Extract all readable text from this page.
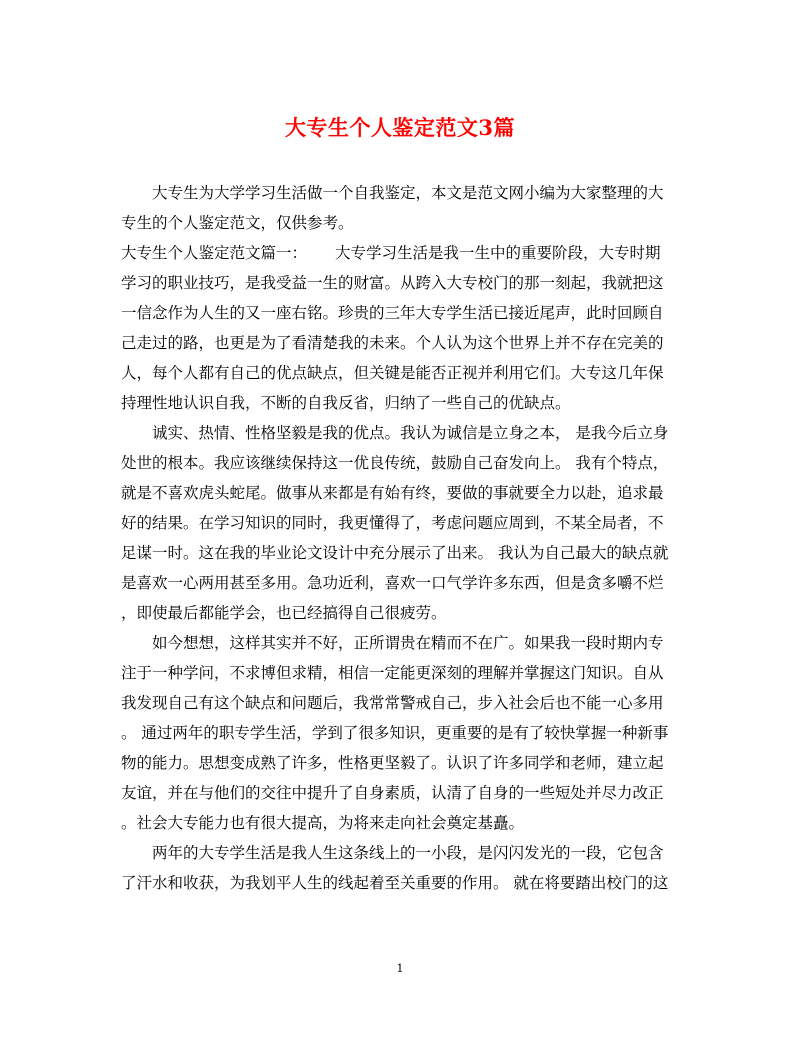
大专生个人鉴定范文3篇
大专生为大学学习生活做一个自我鉴定，本文是范文网小编为大家整理的大
专生的个人鉴定范文，仅供参考。
大专生个人鉴定范文篇一： 大专学习生活是我一生中的重要阶段，大专时期
学习的职业技巧，是我受益一生的财富。从跨入大专校门的那一刻起，我就把这
一信念作为人生的又一座右铭。珍贵的三年大专学生活已接近尾声，此时回顾自
己走过的路，也更是为了看清楚我的未来。个人认为这个世界上并不存在完美的
人，每个人都有自己的优点缺点，但关键是能否正视并利用它们。大专这几年保
持理性地认识自我，不断的自我反省，归纳了一些自己的优缺点。
诚实、热情、性格坚毅是我的优点。我认为诚信是立身之本， 是我今后立身
处世的根本。我应该继续保持这一优良传统，鼓励自己奋发向上。 我有个特点，
就是不喜欢虎头蛇尾。做事从来都是有始有终，要做的事就要全力以赴，追求最
好的结果。在学习知识的同时，我更懂得了，考虑问题应周到，不某全局者，不
足谋一时。这在我的毕业论文设计中充分展示了出来。 我认为自己最大的缺点就
是喜欢一心两用甚至多用。急功近利，喜欢一口气学许多东西，但是贪多嚼不烂
，即使最后都能学会，也已经搞得自己很疲劳。
如今想想，这样其实并不好，正所谓贵在精而不在广。如果我一段时期内专
注于一种学问，不求博但求精，相信一定能更深刻的理解并掌握这门知识。自从
我发现自己有这个缺点和问题后，我常常警戒自己，步入社会后也不能一心多用
。 通过两年的职专学生活，学到了很多知识，更重要的是有了较快掌握一种新事
物的能力。思想变成熟了许多，性格更坚毅了。认识了许多同学和老师，建立起
友谊，并在与他们的交往中提升了自身素质，认清了自身的一些短处并尽力改正
。社会大专能力也有很大提高，为将来走向社会奠定基矗。
两年的大专学生活是我人生这条线上的一小段，是闪闪发光的一段，它包含
了汗水和收获，为我划平人生的线起着至关重要的作用。 就在将要踏出校门的这
1
